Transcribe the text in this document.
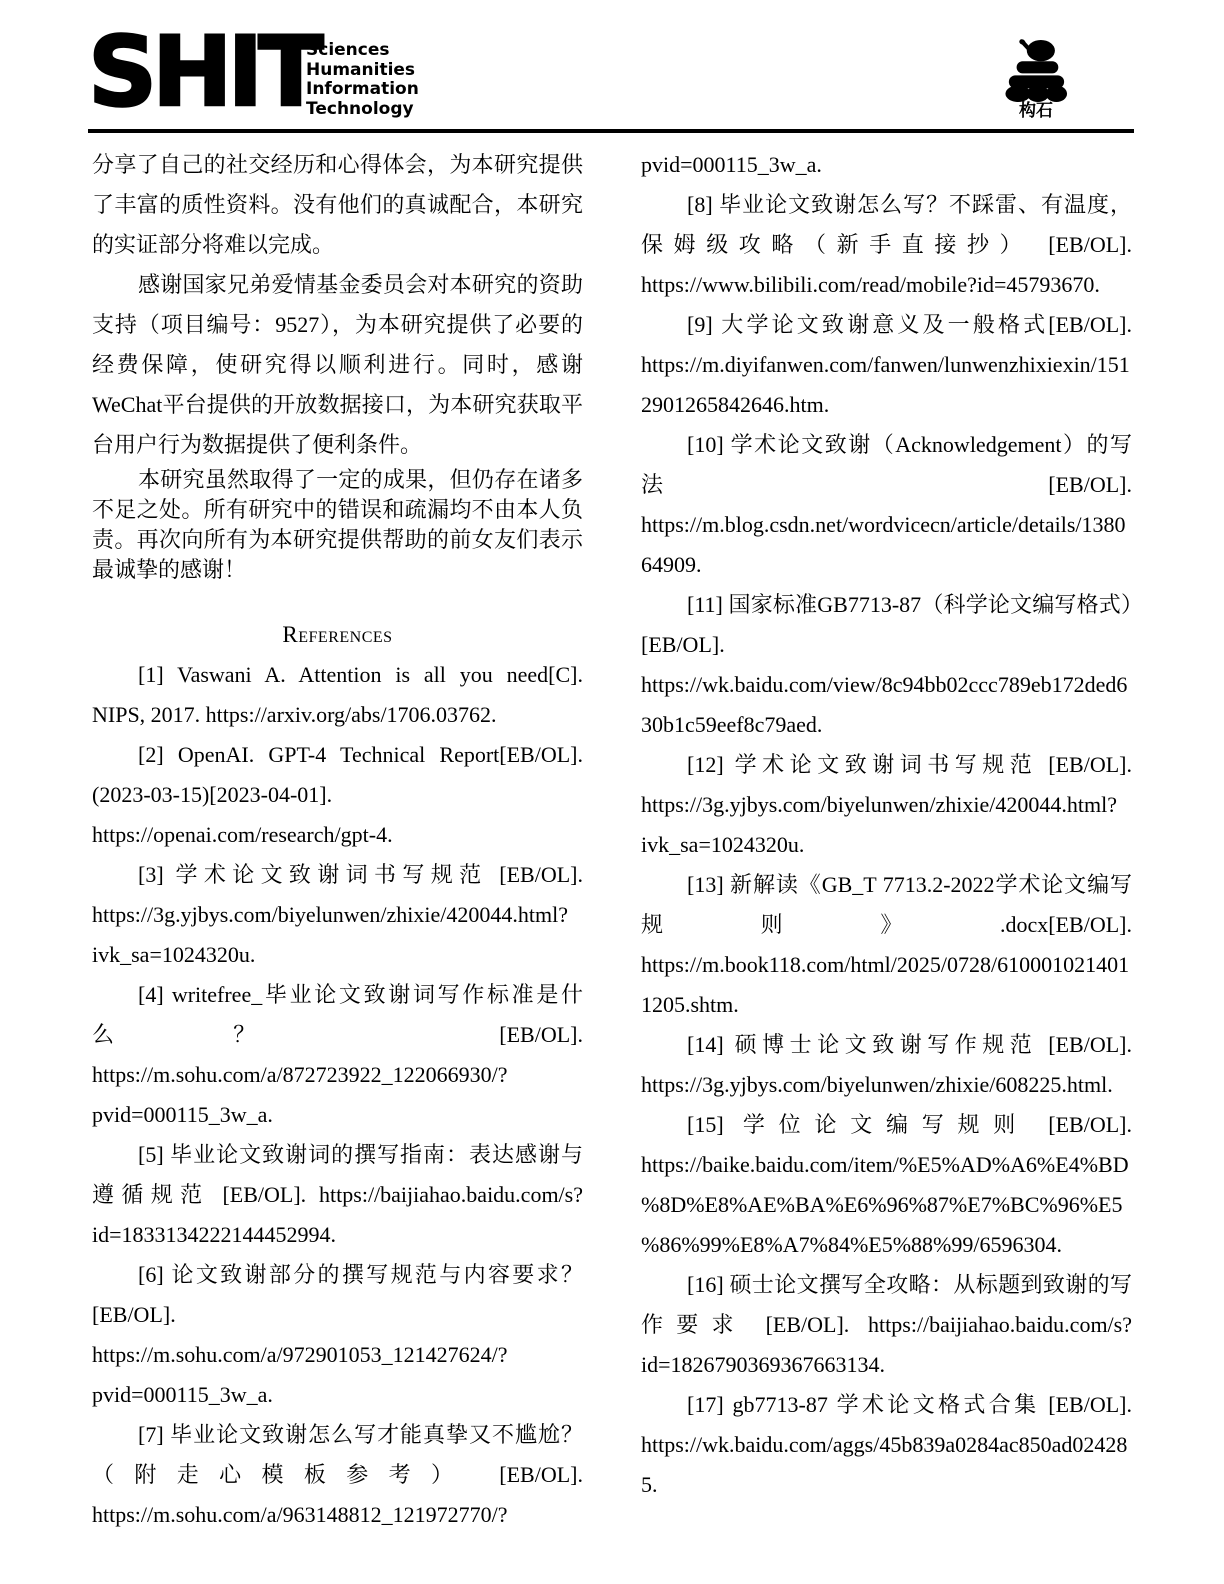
SHIT
Sciences
Humanities
Information
Technology	构石

分享了自己的社交经历和心得体会，为本研究提供了丰富的质性资料。没有他们的真诚配合，本研究的实证部分将难以完成。

感谢国家兄弟爱情基金委员会对本研究的资助支持（项目编号：9527），为本研究提供了必要的经费保障，使研究得以顺利进行。同时，感谢WeChat平台提供的开放数据接口，为本研究获取平台用户行为数据提供了便利条件。

本研究虽然取得了一定的成果，但仍存在诸多不足之处。所有研究中的错误和疏漏均不由本人负责。再次向所有为本研究提供帮助的前女友们表示最诚挚的感谢！

References

[1] Vaswani A. Attention is all you need[C]. NIPS, 2017. https://arxiv.org/abs/1706.03762.

[2] OpenAI. GPT-4 Technical Report[EB/OL]. (2023-03-15)[2023-04-01]. https://openai.com/research/gpt-4.

[3] 学术论文致谢词书写规范 [EB/OL]. https://3g.yjbys.com/biyelunwen/zhixie/420044.html?ivk_sa=1024320u.

[4] writefree_毕业论文致谢词写作标准是什么？ [EB/OL]. https://m.sohu.com/a/872723922_122066930/?pvid=000115_3w_a.

[5] 毕业论文致谢词的撰写指南：表达感谢与遵循规范 [EB/OL]. https://baijiahao.baidu.com/s?id=1833134222144452994.

[6] 论文致谢部分的撰写规范与内容要求？ [EB/OL]. https://m.sohu.com/a/972901053_121427624/?pvid=000115_3w_a.

[7] 毕业论文致谢怎么写才能真挚又不尴尬？（附走心模板参考） [EB/OL]. https://m.sohu.com/a/963148812_121972770/?pvid=000115_3w_a.

[8] 毕业论文致谢怎么写？不踩雷、有温度，保姆级攻略（新手直接抄） [EB/OL]. https://www.bilibili.com/read/mobile?id=45793670.

[9] 大学论文致谢意义及一般格式[EB/OL]. https://m.diyifanwen.com/fanwen/lunwenzhixiexin/1512901265842646.htm.

[10] 学术论文致谢（Acknowledgement）的写法 [EB/OL]. https://m.blog.csdn.net/wordvicecn/article/details/138064909.

[11] 国家标准GB7713-87（科学论文编写格式）[EB/OL]. https://wk.baidu.com/view/8c94bb02ccc789eb172ded630b1c59eef8c79aed.

[12] 学术论文致谢词书写规范 [EB/OL]. https://3g.yjbys.com/biyelunwen/zhixie/420044.html?ivk_sa=1024320u.

[13] 新解读《GB_T 7713.2-2022学术论文编写规则》.docx[EB/OL]. https://m.book118.com/html/2025/0728/6100010214011205.shtm.

[14] 硕博士论文致谢写作规范 [EB/OL]. https://3g.yjbys.com/biyelunwen/zhixie/608225.html.

[15] 学位论文编写规则 [EB/OL]. https://baike.baidu.com/item/%E5%AD%A6%E4%BD%8D%E8%AE%BA%E6%96%87%E7%BC%96%E5%86%99%E8%A7%84%E5%88%99/6596304.

[16] 硕士论文撰写全攻略：从标题到致谢的写作要求 [EB/OL]. https://baijiahao.baidu.com/s?id=1826790369367663134.

[17] gb7713-87 学术论文格式合集 [EB/OL]. https://wk.baidu.com/aggs/45b839a0284ac850ad024285.
